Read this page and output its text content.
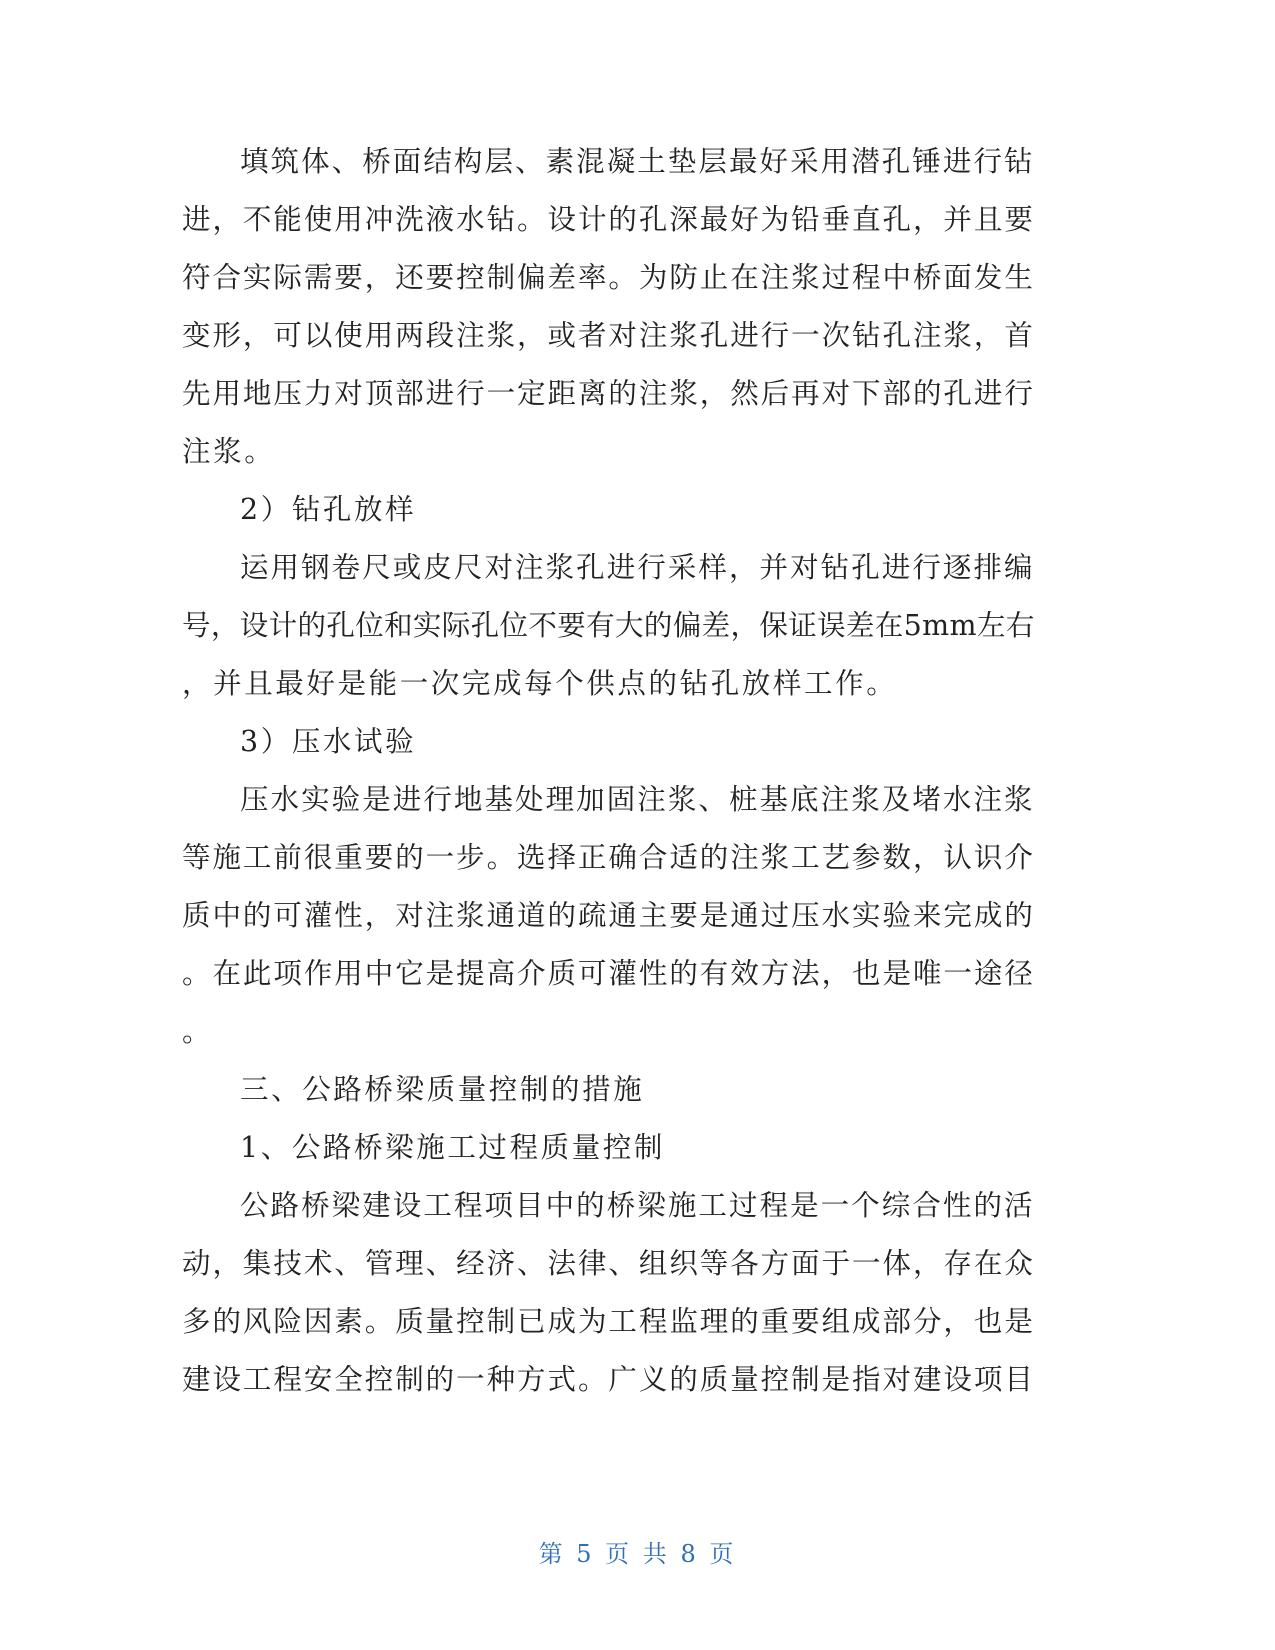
填筑体、桥面结构层、素混凝土垫层最好采用潜孔锤进行钻
进，不能使用冲洗液水钻。设计的孔深最好为铅垂直孔，并且要
符合实际需要，还要控制偏差率。为防止在注浆过程中桥面发生
变形，可以使用两段注浆，或者对注浆孔进行一次钻孔注浆，首
先用地压力对顶部进行一定距离的注浆，然后再对下部的孔进行
注浆。
2）钻孔放样
运用钢卷尺或皮尺对注浆孔进行采样，并对钻孔进行逐排编
号，设计的孔位和实际孔位不要有大的偏差，保证误差在5mm左右
，并且最好是能一次完成每个供点的钻孔放样工作。
3）压水试验
压水实验是进行地基处理加固注浆、桩基底注浆及堵水注浆
等施工前很重要的一步。选择正确合适的注浆工艺参数，认识介
质中的可灌性，对注浆通道的疏通主要是通过压水实验来完成的
。在此项作用中它是提高介质可灌性的有效方法，也是唯一途径
。
三、公路桥梁质量控制的措施
1、公路桥梁施工过程质量控制
公路桥梁建设工程项目中的桥梁施工过程是一个综合性的活
动，集技术、管理、经济、法律、组织等各方面于一体，存在众
多的风险因素。质量控制已成为工程监理的重要组成部分，也是
建设工程安全控制的一种方式。广义的质量控制是指对建设项目
第 5 页 共 8 页
